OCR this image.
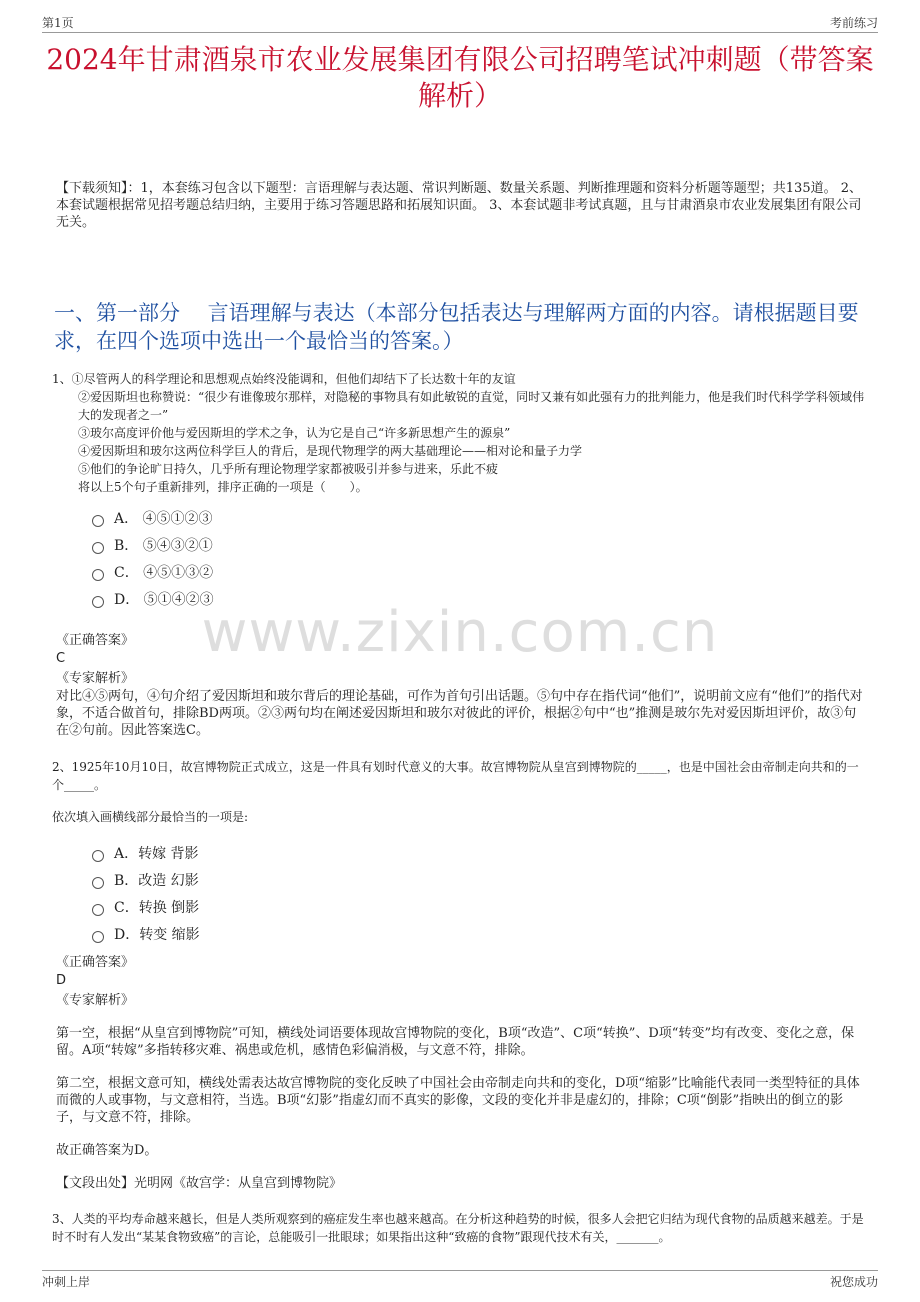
第1页	考前练习
www.zixin.com.cn
2024年甘肃酒泉市农业发展集团有限公司招聘笔试冲刺题（带答案解析）
【下载须知】：1，本套练习包含以下题型：言语理解与表达题、常识判断题、数量关系题、判断推理题和资料分析题等题型；共135道。 2、本套试题根据常见招考题总结归纳，主要用于练习答题思路和拓展知识面。 3、本套试题非考试真题，且与甘肃酒泉市农业发展集团有限公司无关。
一、第一部分　 言语理解与表达（本部分包括表达与理解两方面的内容。请根据题目要求，在四个选项中选出一个最恰当的答案。）
1、①尽管两人的科学理论和思想观点始终没能调和，但他们却结下了长达数十年的友谊
②爱因斯坦也称赞说：“很少有谁像玻尔那样，对隐秘的事物具有如此敏锐的直觉，同时又兼有如此强有力的批判能力，他是我们时代科学学科领域伟大的发现者之一”
③玻尔高度评价他与爱因斯坦的学术之争，认为它是自己“许多新思想产生的源泉”
④爱因斯坦和玻尔这两位科学巨人的背后，是现代物理学的两大基础理论——相对论和量子力学
⑤他们的争论旷日持久，几乎所有理论物理学家都被吸引并参与进来，乐此不疲
将以上5个句子重新排列，排序正确的一项是（　　）。
A． ④⑤①②③
B． ⑤④③②①
C． ④⑤①③②
D． ⑤①④②③
《正确答案》
C
《专家解析》
对比④⑤两句，④句介绍了爱因斯坦和玻尔背后的理论基础，可作为首句引出话题。⑤句中存在指代词“他们”，说明前文应有“他们”的指代对象，不适合做首句，排除BD两项。②③两句均在阐述爱因斯坦和玻尔对彼此的评价，根据②句中“也”推测是玻尔先对爱因斯坦评价，故③句在②句前。因此答案选C。
2、1925年10月10日，故宫博物院正式成立，这是一件具有划时代意义的大事。故宫博物院从皇宫到博物院的_____，也是中国社会由帝制走向共和的一个_____。
依次填入画横线部分最恰当的一项是:
A．转嫁 背影
B．改造 幻影
C．转换 倒影
D．转变 缩影
《正确答案》
D
《专家解析》
第一空，根据“从皇宫到博物院”可知，横线处词语要体现故宫博物院的变化，B项“改造”、C项“转换”、D项“转变”均有改变、变化之意，保留。A项“转嫁”多指转移灾难、祸患或危机，感情色彩偏消极，与文意不符，排除。
第二空，根据文意可知，横线处需表达故宫博物院的变化反映了中国社会由帝制走向共和的变化，D项“缩影”比喻能代表同一类型特征的具体而微的人或事物，与文意相符，当选。B项“幻影”指虚幻而不真实的影像，文段的变化并非是虚幻的，排除；C项“倒影”指映出的倒立的影子，与文意不符，排除。
故正确答案为D。
【文段出处】光明网《故宫学：从皇宫到博物院》
3、人类的平均寿命越来越长，但是人类所观察到的癌症发生率也越来越高。在分析这种趋势的时候，很多人会把它归结为现代食物的品质越来越差。于是时不时有人发出“某某食物致癌”的言论，总能吸引一批眼球；如果指出这种“致癌的食物”跟现代技术有关，_______。
冲刺上岸	祝您成功
